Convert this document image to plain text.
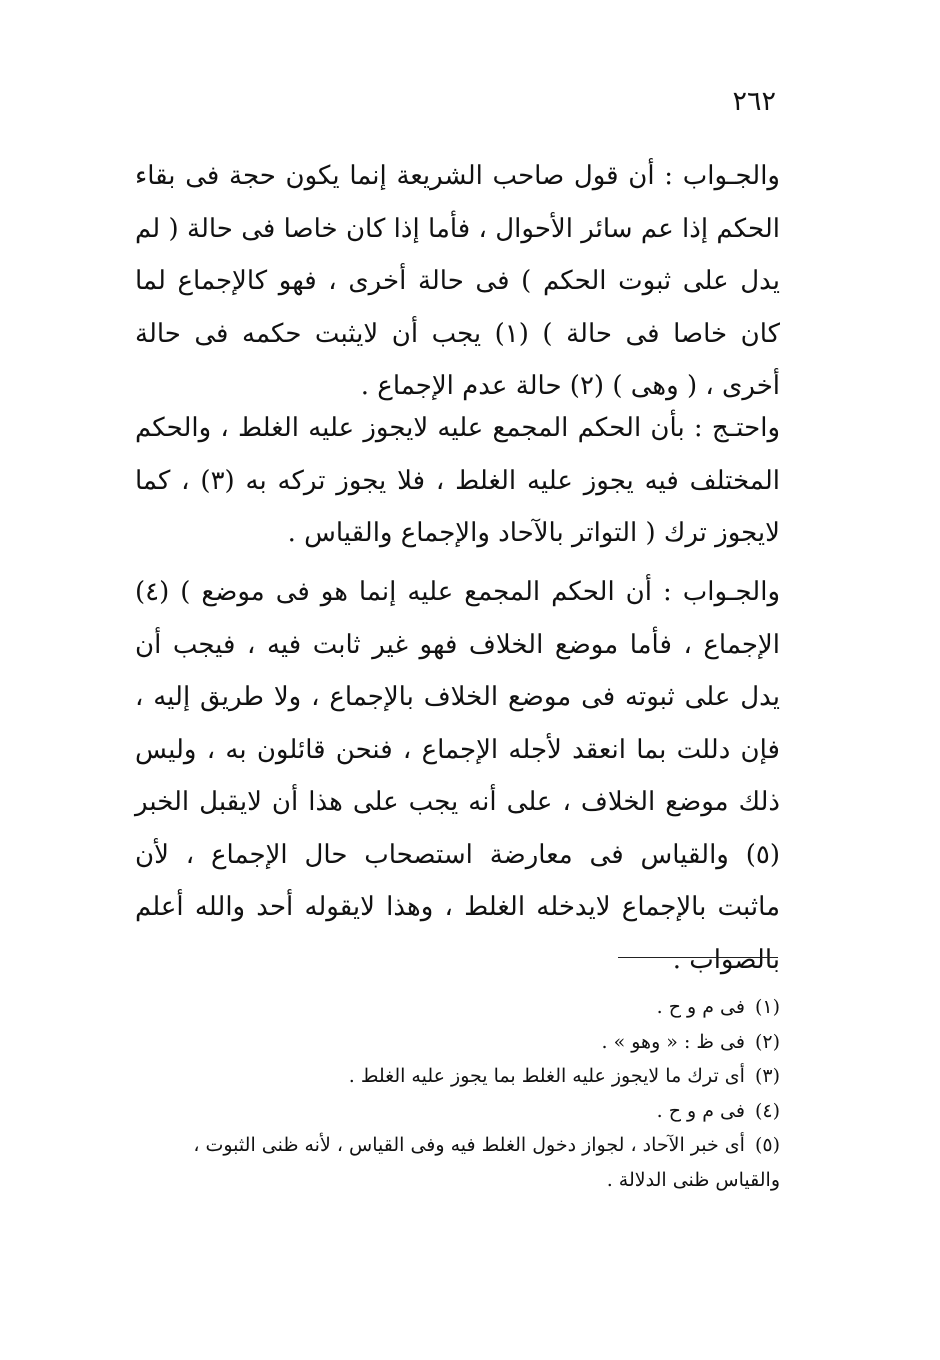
٢٦٢

والجـواب : أن قول صاحب الشريعة إنما يكون حجة فى بقاء الحكم إذا عم سائر الأحوال ، فأما إذا كان خاصا فى حالة ( لم يدل على ثبوت الحكم ) فى حالة أخرى ، فهو كالإجماع لما كان خاصا فى حالة ) (١) يجب أن لايثبت حكمه فى حالة أخرى ، ( وهى ) (٢) حالة عدم الإجماع .

واحتـج : بأن الحكم المجمع عليه لايجوز عليه الغلط ، والحكم المختلف فيه يجوز عليه الغلط ، فلا يجوز تركه به (٣) ، كما لايجوز ترك ( التواتر بالآحاد والإجماع والقياس .

والجـواب : أن الحكم المجمع عليه إنما هو فى موضع ) (٤) الإجماع ، فأما موضع الخلاف فهو غير ثابت فيه ، فيجب أن يدل على ثبوته فى موضع الخلاف بالإجماع ، ولا طريق إليه ، فإن دللت بما انعقد لأجله الإجماع ، فنحن قائلون به ، وليس ذلك موضع الخلاف ، على أنه يجب على هذا أن لايقبل الخبر (٥) والقياس فى معارضة استصحاب حال الإجماع ، لأن ماثبت بالإجماع لايدخله الغلط ، وهذا لايقوله أحد والله أعلم بالصواب .

(١)فى م و ح .

(٢)فى ظ : « وهو » .

(٣)أى ترك ما لايجوز عليه الغلط بما يجوز عليه الغلط .

(٤)فى م و ح .

(٥)أى خبر الآحاد ، لجواز دخول الغلط فيه وفى القياس ، لأنه ظنى الثبوت ، والقياس ظنى الدلالة .
